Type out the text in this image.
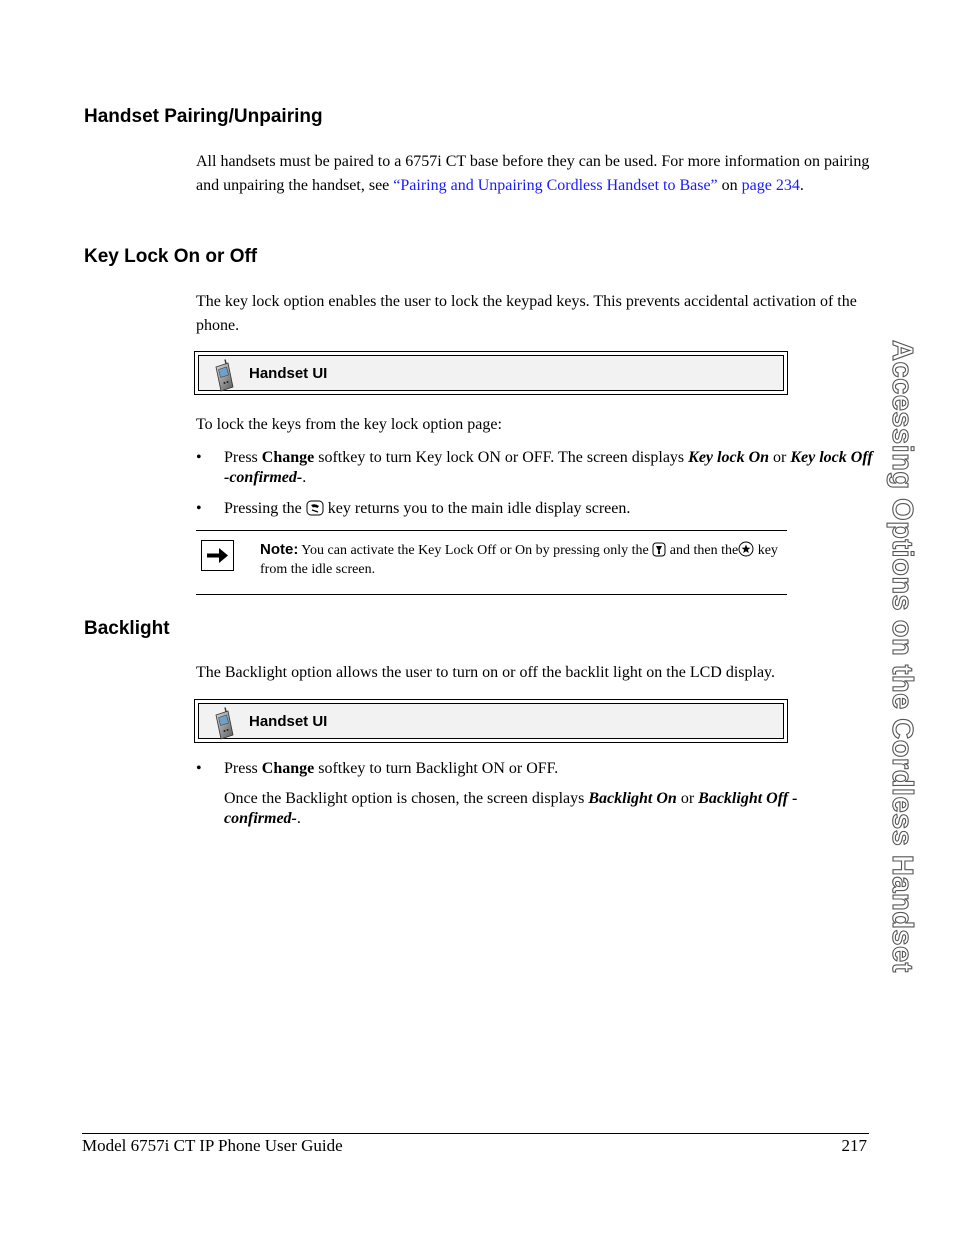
Handset Pairing/Unpairing
All handsets must be paired to a 6757i CT base before they can be used. For more information on pairing and unpairing the handset, see “Pairing and Unpairing Cordless Handset to Base” on page 234.
Key Lock On or Off
The key lock option enables the user to lock the keypad keys. This prevents accidental activation of the phone.
Handset UI
To lock the keys from the key lock option page:
• Press Change softkey to turn Key lock ON or OFF. The screen displays Key lock On or Key lock Off -confirmed-.
• Pressing the  key returns you to the main idle display screen.
Note: You can activate the Key Lock Off or On by pressing only the  and then the key from the idle screen.
Backlight
The Backlight option allows the user to turn on or off the backlit light on the LCD display.
Handset UI
• Press Change softkey to turn Backlight ON or OFF.
Once the Backlight option is chosen, the screen displays Backlight On or Backlight Off -confirmed-.	Accessing Options on the Cordless Handset
Model 6757i CT IP Phone User Guide	217
